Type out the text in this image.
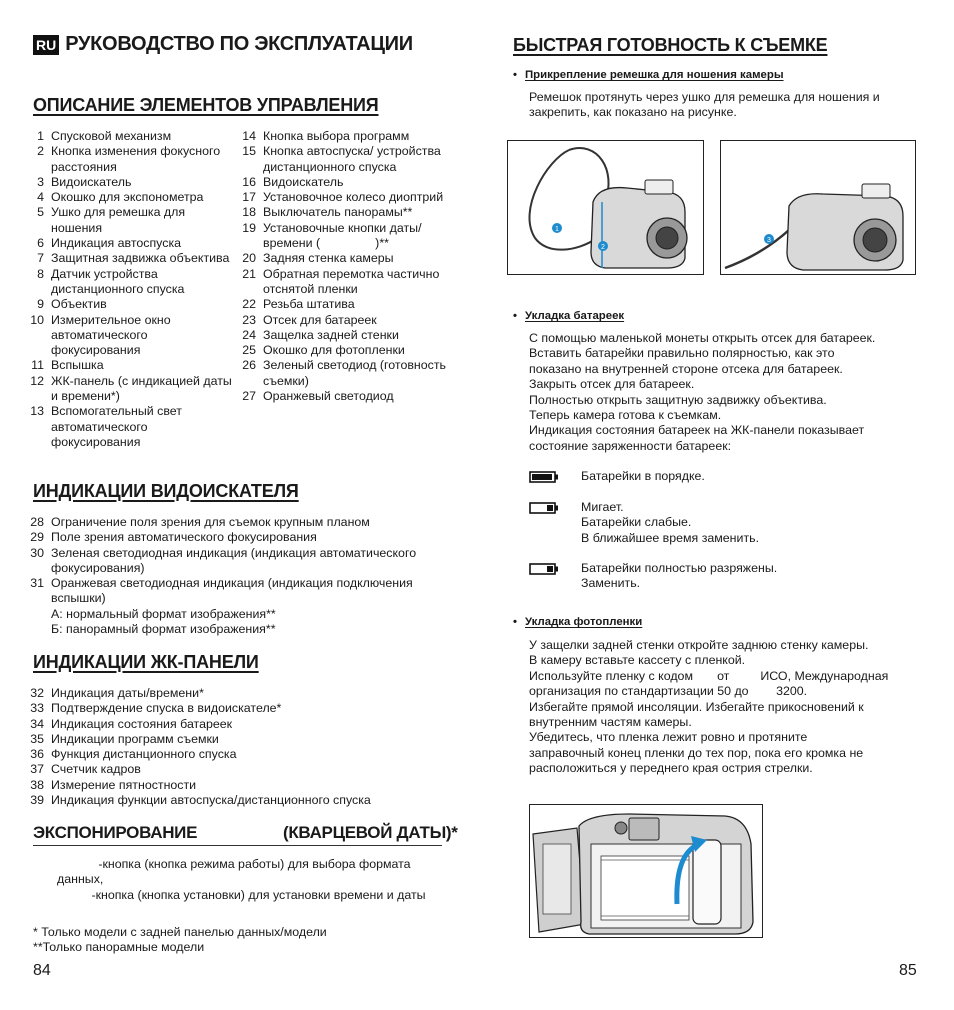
RU РУКОВОДСТВО ПО ЭКСПЛУАТАЦИИ
ОПИСАНИЕ ЭЛЕМЕНТОВ УПРАВЛЕНИЯ
1 Спусковой механизм
2 Кнопка изменения фокусного расстояния
3 Видоискатель
4 Окошко для экспонометра
5 Ушко для ремешка для ношения
6 Индикация автоспуска
7 Защитная задвижка объектива
8 Датчик устройства дистанционного спуска
9 Объектив
10 Измерительное окно автоматического фокусирования
11 Вспышка
12 ЖК-панель (с индикацией даты и времени*)
13 Вспомогательный свет автоматического фокусирования
14 Кнопка выбора программ
15 Кнопка автоспуска/ устройства дистанционного спуска
16 Видоискатель
17 Установочное колесо диоптрий
18 Выключатель панорамы**
19 Установочные кнопки даты/ времени (                )**
20 Задняя стенка камеры
21 Обратная перемотка частично отснятой пленки
22 Резьба штатива
23 Отсек для батареек
24 Защелка задней стенки
25 Окошко для фотопленки
26 Зеленый светодиод (готовность съемки)
27 Оранжевый светодиод
ИНДИКАЦИИ ВИДОИСКАТЕЛЯ
28 Ограничение поля зрения для съемок крупным планом
29 Поле зрения автоматического фокусирования
30 Зеленая светодиодная индикация (индикация автоматического фокусирования)
31 Оранжевая светодиодная индикация (индикация подключения вспышки)
А: нормальный формат изображения**
Б: панорамный формат изображения**
ИНДИКАЦИИ ЖК-ПАНЕЛИ
32 Индикация даты/времени*
33 Подтверждение спуска в видоискателе*
34 Индикация состояния батареек
35 Индикации программ съемки
36 Функция дистанционного спуска
37 Счетчик кадров
38 Измерение пятностности
39 Индикация функции автоспуска/дистанционного спуска
ЭКСПОНИРОВАНИЕ	(КВАРЦЕВОЙ ДАТЫ)*
-кнопка (кнопка режима работы) для выбора формата данных,
-кнопка (кнопка установки) для установки времени и даты
* Только модели с задней панелью данных/модели
**Только панорамные модели
84
БЫСТРАЯ ГОТОВНОСТЬ К СЪЕМКЕ
• Прикрепление ремешка для ношения камеры
Ремешок протянуть через ушко для ремешка для ношения и закрепить, как показано на рисунке.
1
2
3
• Укладка батареек
С помощью маленькой монеты открыть отсек для батареек.
Вставить батарейки правильно полярностью, как это
показано на внутренней стороне отсека для батареек.
Закрыть отсек для батареек.
Полностью открыть защитную задвижку объектива.
Теперь камера готова к съемкам.
Индикация состояния батареек на ЖК-панели показывает
состояние заряженности батареек:
Батарейки в порядке.
Мигает.
Батарейки слабые.
В ближайшее время заменить.
Батарейки полностью разряжены.
Заменить.
• Укладка фотопленки
У защелки задней стенки откройте заднюю стенку камеры.
В камеру вставьте кассету с пленкой.
Используйте пленку с кодом       от         ИСО, Международная
организация по стандартизации 50 до        3200.
Избегайте прямой инсоляции. Избегайте прикосновений к
внутренним частям камеры.
Убедитесь, что пленка лежит ровно и протяните
заправочный конец пленки до тех пор, пока его кромка не
расположиться у переднего края острия стрелки.
85
